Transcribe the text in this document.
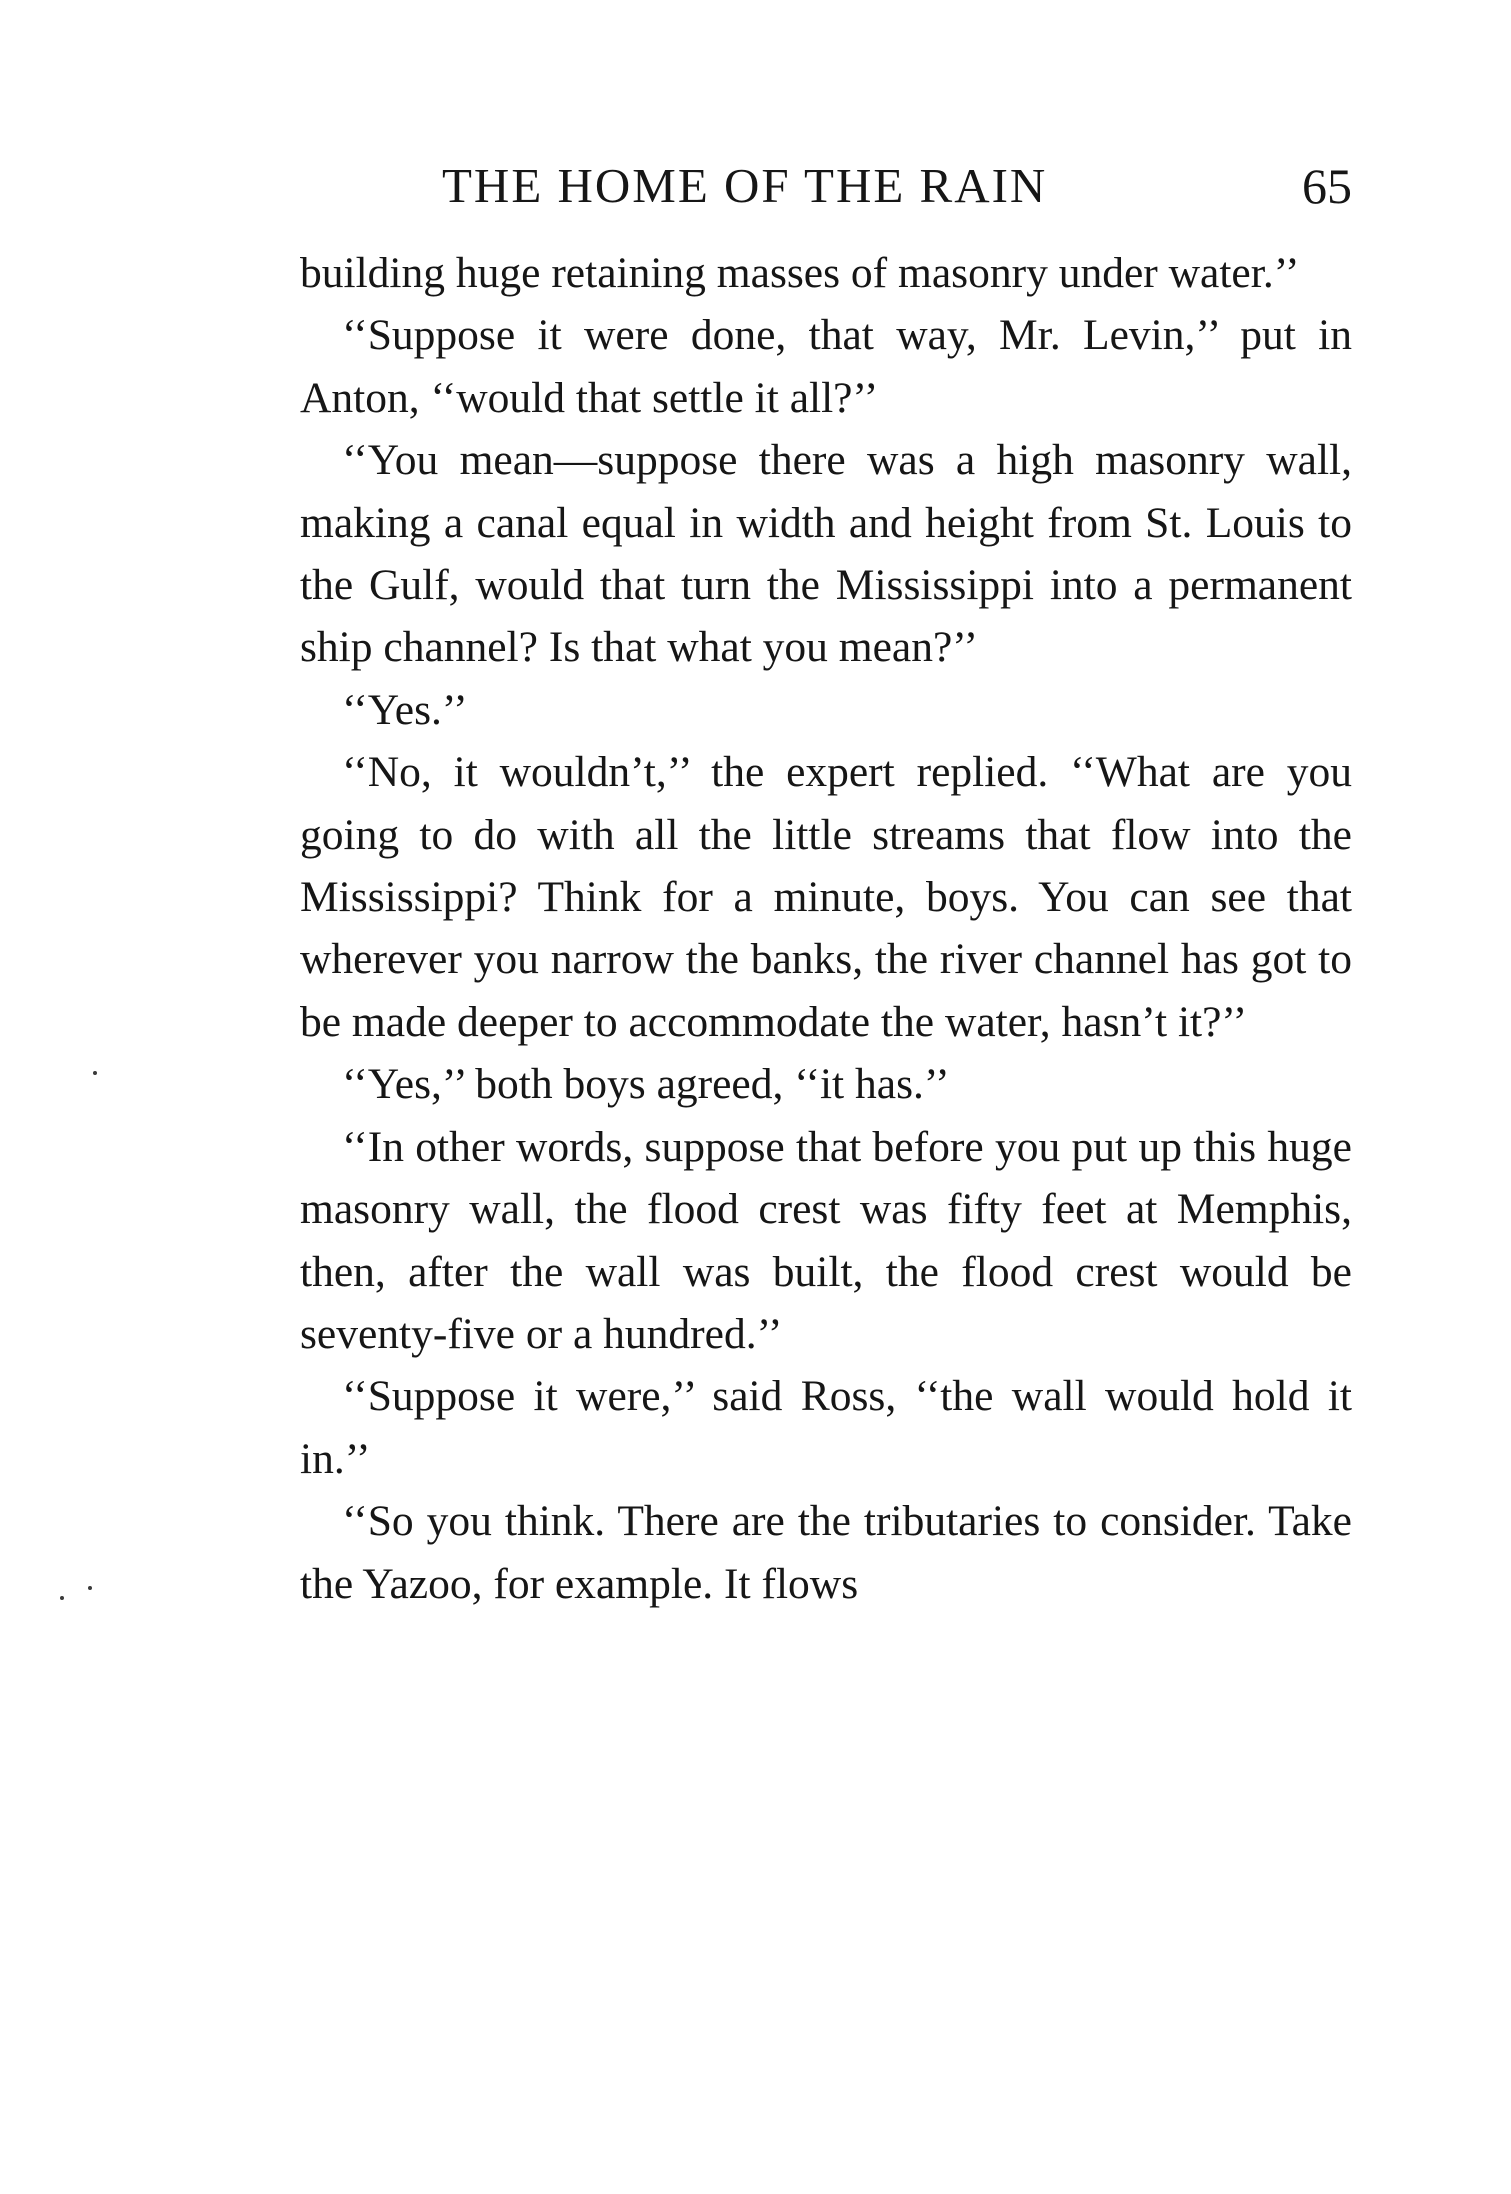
THE HOME OF THE RAIN	65

building huge retaining masses of masonry under water.’’

‘‘Suppose it were done, that way, Mr. Levin,’’ put in Anton, ‘‘would that settle it all?’’

‘‘You mean—suppose there was a high masonry wall, making a canal equal in width and height from St. Louis to the Gulf, would that turn the Mississippi into a permanent ship channel? Is that what you mean?’’

‘‘Yes.’’

‘‘No, it wouldn’t,’’ the expert replied. ‘‘What are you going to do with all the little streams that flow into the Mississippi? Think for a minute, boys. You can see that wherever you narrow the banks, the river channel has got to be made deeper to accommodate the water, hasn’t it?’’

‘‘Yes,’’ both boys agreed, ‘‘it has.’’

‘‘In other words, suppose that before you put up this huge masonry wall, the flood crest was fifty feet at Memphis, then, after the wall was built, the flood crest would be seventy-five or a hundred.’’

‘‘Suppose it were,’’ said Ross, ‘‘the wall would hold it in.’’

‘‘So you think. There are the tributaries to consider. Take the Yazoo, for example. It flows
